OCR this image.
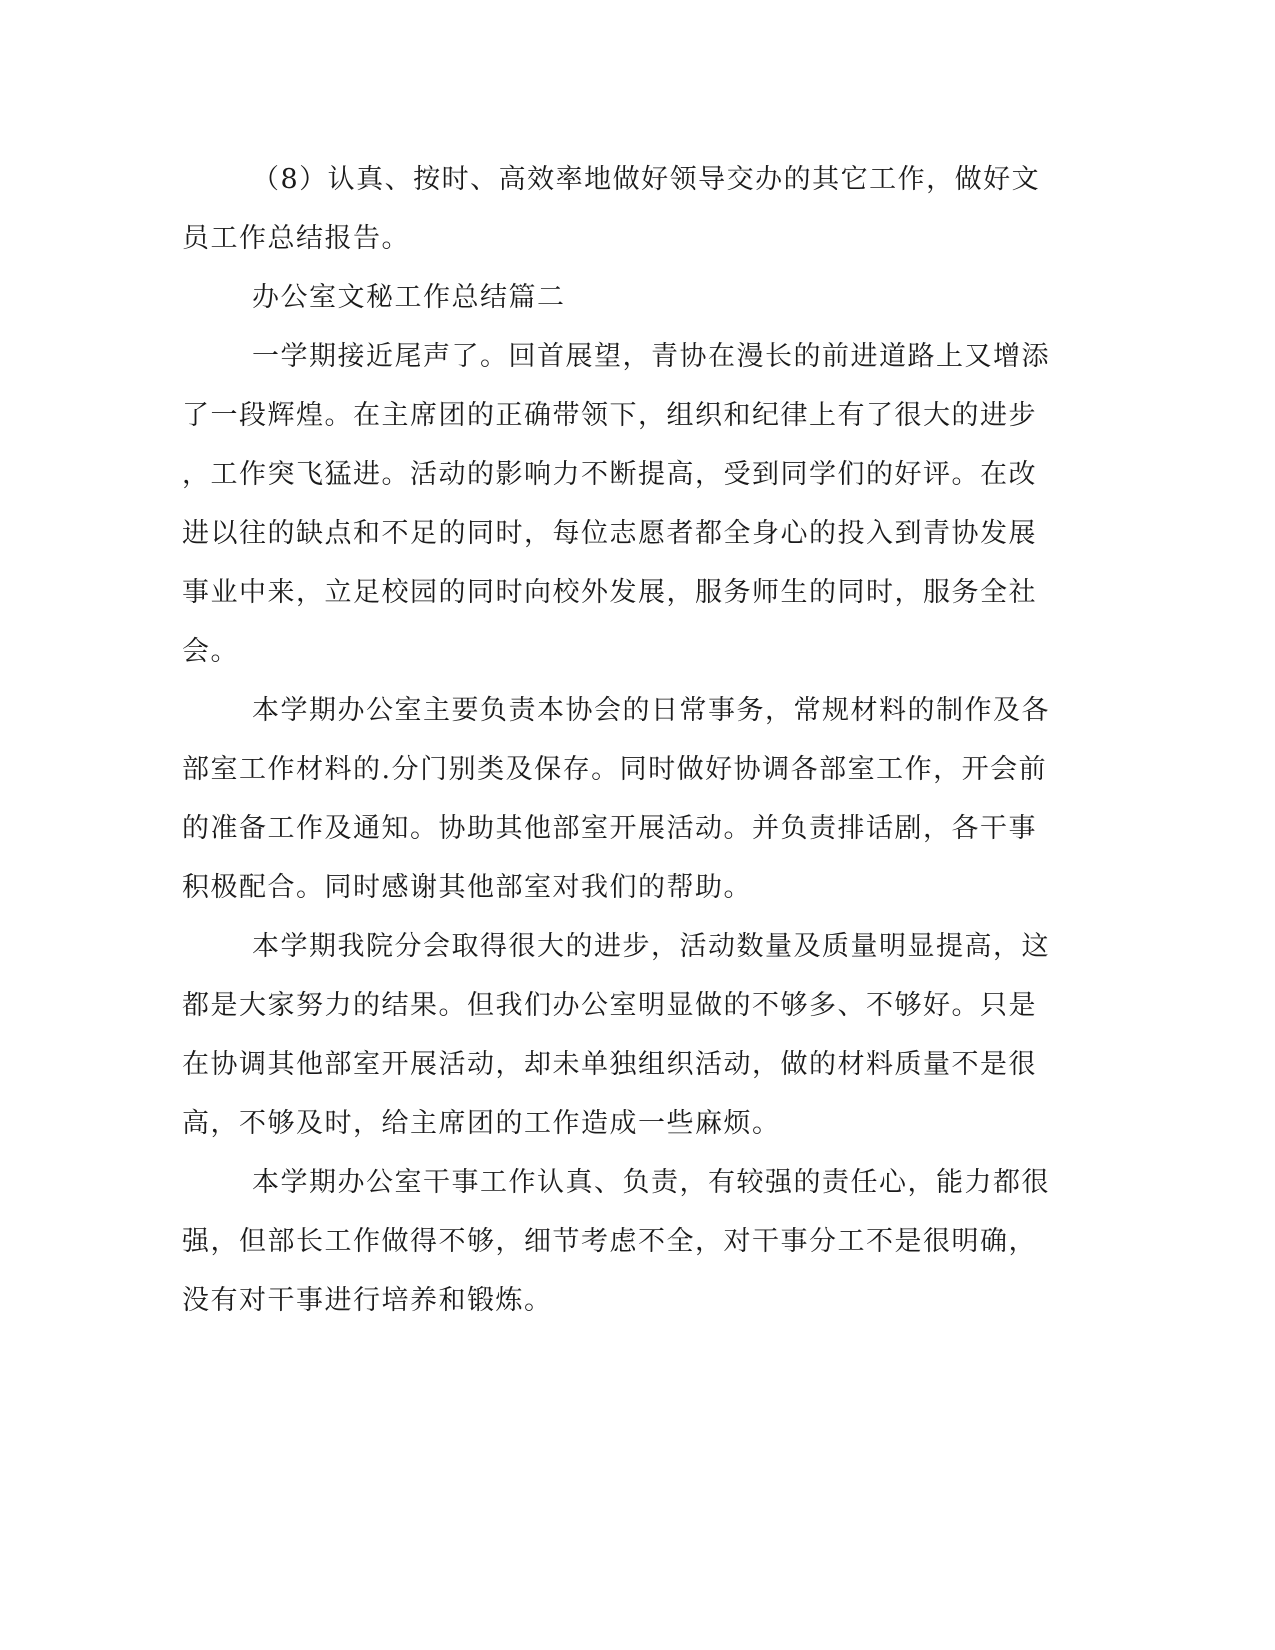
（8）认真、按时、高效率地做好领导交办的其它工作，做好文
员工作总结报告。
办公室文秘工作总结篇二
一学期接近尾声了。回首展望，青协在漫长的前进道路上又增添
了一段辉煌。在主席团的正确带领下，组织和纪律上有了很大的进步
，工作突飞猛进。活动的影响力不断提高，受到同学们的好评。在改
进以往的缺点和不足的同时，每位志愿者都全身心的投入到青协发展
事业中来，立足校园的同时向校外发展，服务师生的同时，服务全社
会。
本学期办公室主要负责本协会的日常事务，常规材料的制作及各
部室工作材料的.分门别类及保存。同时做好协调各部室工作，开会前
的准备工作及通知。协助其他部室开展活动。并负责排话剧，各干事
积极配合。同时感谢其他部室对我们的帮助。
本学期我院分会取得很大的进步，活动数量及质量明显提高，这
都是大家努力的结果。但我们办公室明显做的不够多、不够好。只是
在协调其他部室开展活动，却未单独组织活动，做的材料质量不是很
高，不够及时，给主席团的工作造成一些麻烦。
本学期办公室干事工作认真、负责，有较强的责任心，能力都很
强，但部长工作做得不够，细节考虑不全，对干事分工不是很明确，
没有对干事进行培养和锻炼。
